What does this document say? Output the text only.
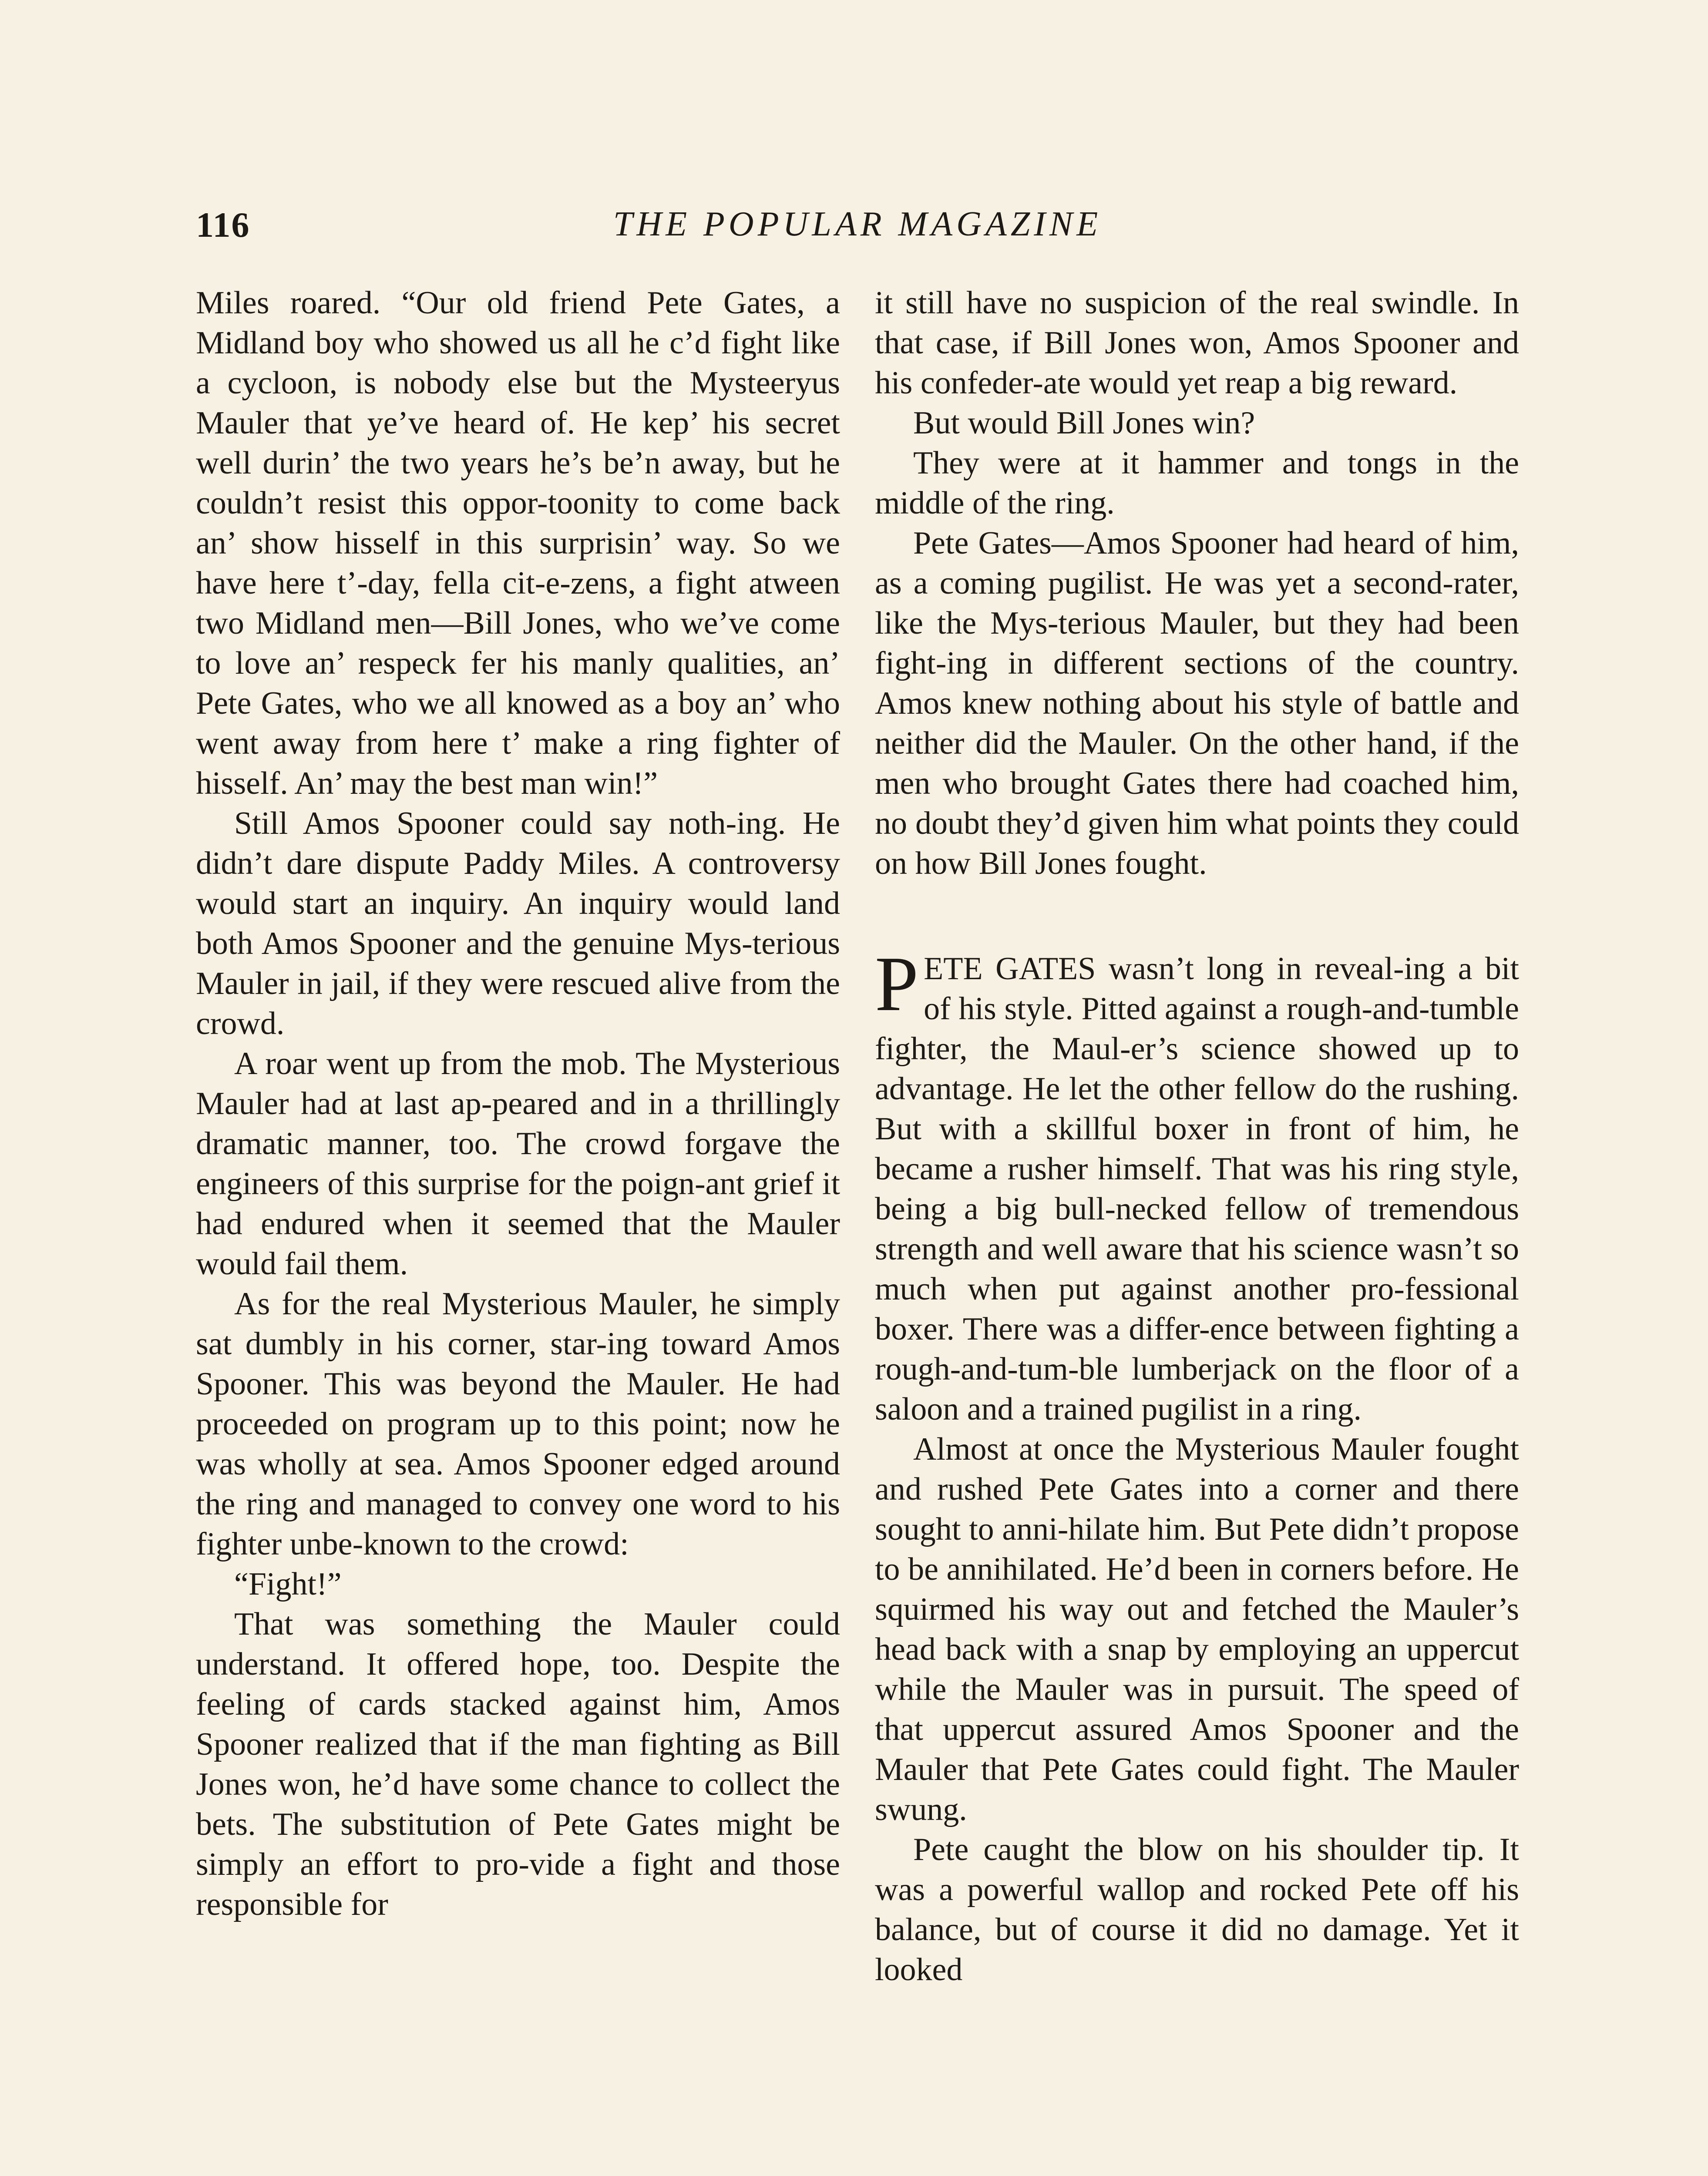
116	THE POPULAR MAGAZINE

Miles roared. “Our old friend Pete Gates, a Midland boy who showed us all he c’d fight like a cycloon, is nobody else but the Mysteeryus Mauler that ye’ve heard of. He kep’ his secret well durin’ the two years he’s be’n away, but he couldn’t resist this oppor-toonity to come back an’ show hisself in this surprisin’ way. So we have here t’-day, fella cit-e-zens, a fight atween two Midland men—Bill Jones, who we’ve come to love an’ respeck fer his manly qualities, an’ Pete Gates, who we all knowed as a boy an’ who went away from here t’ make a ring fighter of hisself. An’ may the best man win!”

Still Amos Spooner could say noth-ing. He didn’t dare dispute Paddy Miles. A controversy would start an inquiry. An inquiry would land both Amos Spooner and the genuine Mys-terious Mauler in jail, if they were rescued alive from the crowd.

A roar went up from the mob. The Mysterious Mauler had at last ap-peared and in a thrillingly dramatic manner, too. The crowd forgave the engineers of this surprise for the poign-ant grief it had endured when it seemed that the Mauler would fail them.

As for the real Mysterious Mauler, he simply sat dumbly in his corner, star-ing toward Amos Spooner. This was beyond the Mauler. He had proceeded on program up to this point; now he was wholly at sea. Amos Spooner edged around the ring and managed to convey one word to his fighter unbe-known to the crowd:

“Fight!”

That was something the Mauler could understand. It offered hope, too. Despite the feeling of cards stacked against him, Amos Spooner realized that if the man fighting as Bill Jones won, he’d have some chance to collect the bets. The substitution of Pete Gates might be simply an effort to pro-vide a fight and those responsible for

it still have no suspicion of the real swindle. In that case, if Bill Jones won, Amos Spooner and his confeder-ate would yet reap a big reward.

But would Bill Jones win?

They were at it hammer and tongs in the middle of the ring.

Pete Gates—Amos Spooner had heard of him, as a coming pugilist. He was yet a second-rater, like the Mys-terious Mauler, but they had been fight-ing in different sections of the country. Amos knew nothing about his style of battle and neither did the Mauler. On the other hand, if the men who brought Gates there had coached him, no doubt they’d given him what points they could on how Bill Jones fought.

PETE GATES wasn’t long in reveal-ing a bit of his style. Pitted against a rough-and-tumble fighter, the Maul-er’s science showed up to advantage. He let the other fellow do the rushing. But with a skillful boxer in front of him, he became a rusher himself. That was his ring style, being a big bull-necked fellow of tremendous strength and well aware that his science wasn’t so much when put against another pro-fessional boxer. There was a differ-ence between fighting a rough-and-tum-ble lumberjack on the floor of a saloon and a trained pugilist in a ring.

Almost at once the Mysterious Mauler fought and rushed Pete Gates into a corner and there sought to anni-hilate him. But Pete didn’t propose to be annihilated. He’d been in corners before. He squirmed his way out and fetched the Mauler’s head back with a snap by employing an uppercut while the Mauler was in pursuit. The speed of that uppercut assured Amos Spooner and the Mauler that Pete Gates could fight. The Mauler swung.

Pete caught the blow on his shoulder tip. It was a powerful wallop and rocked Pete off his balance, but of course it did no damage. Yet it looked
